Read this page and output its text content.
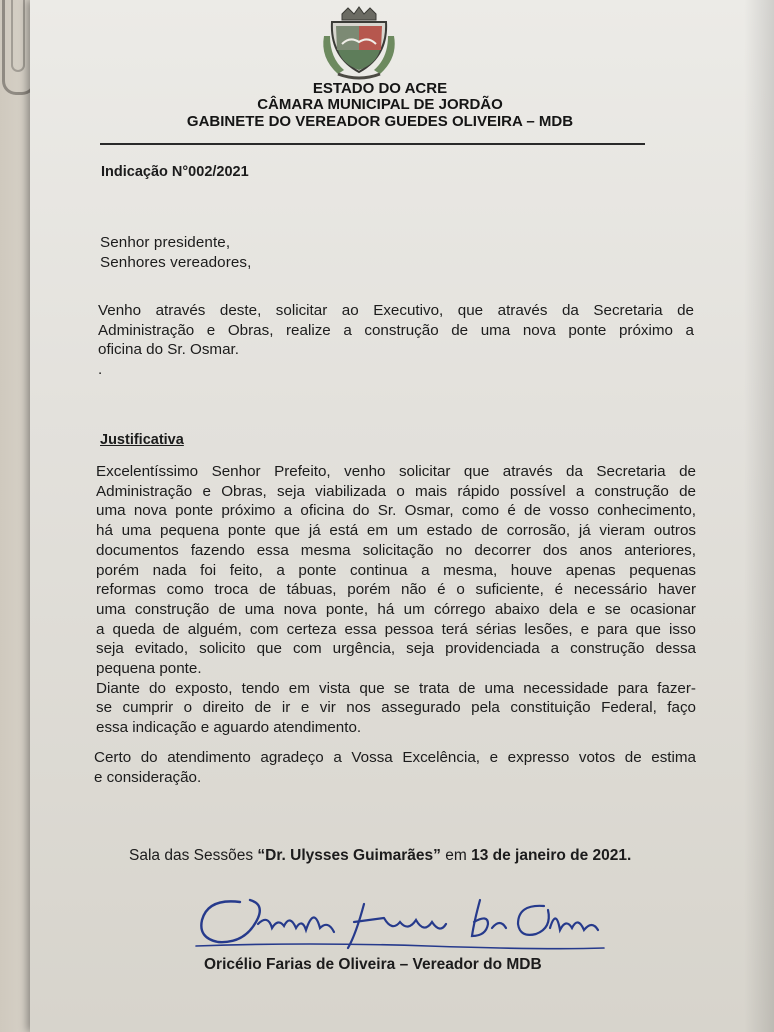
ESTADO DO ACRE
CÂMARA MUNICIPAL DE JORDÃO
GABINETE DO VEREADOR GUEDES OLIVEIRA – MDB
Indicação N°002/2021
Senhor presidente,
Senhores vereadores,
Venho através deste, solicitar ao Executivo, que através da Secretaria de
Administração e Obras, realize a construção de uma nova ponte próximo a
oficina do Sr. Osmar.
.
Justificativa
Excelentíssimo Senhor Prefeito, venho solicitar que através da Secretaria de
Administração e Obras, seja viabilizada o mais rápido possível a construção de
uma nova ponte próximo a oficina do Sr. Osmar, como é de vosso conhecimento,
há uma pequena ponte que já está em um estado de corrosão, já vieram outros
documentos fazendo essa mesma solicitação no decorrer dos anos anteriores,
porém nada foi feito, a ponte continua a mesma, houve apenas pequenas
reformas como troca de tábuas, porém não é o suficiente, é necessário haver
uma construção de uma nova ponte, há um córrego abaixo dela e se ocasionar
a queda de alguém, com certeza essa pessoa terá sérias lesões, e para que isso
seja evitado, solicito que com urgência, seja providenciada a construção dessa
pequena ponte.
Diante do exposto, tendo em vista que se trata de uma necessidade para fazer-
se cumprir o direito de ir e vir nos assegurado pela constituição Federal, faço
essa indicação e aguardo atendimento.
Certo do atendimento agradeço a Vossa Excelência, e expresso votos de estima
e consideração.
Sala das Sessões “Dr. Ulysses Guimarães” em 13 de janeiro de 2021.
Oricélio Farias de Oliveira – Vereador do MDB
